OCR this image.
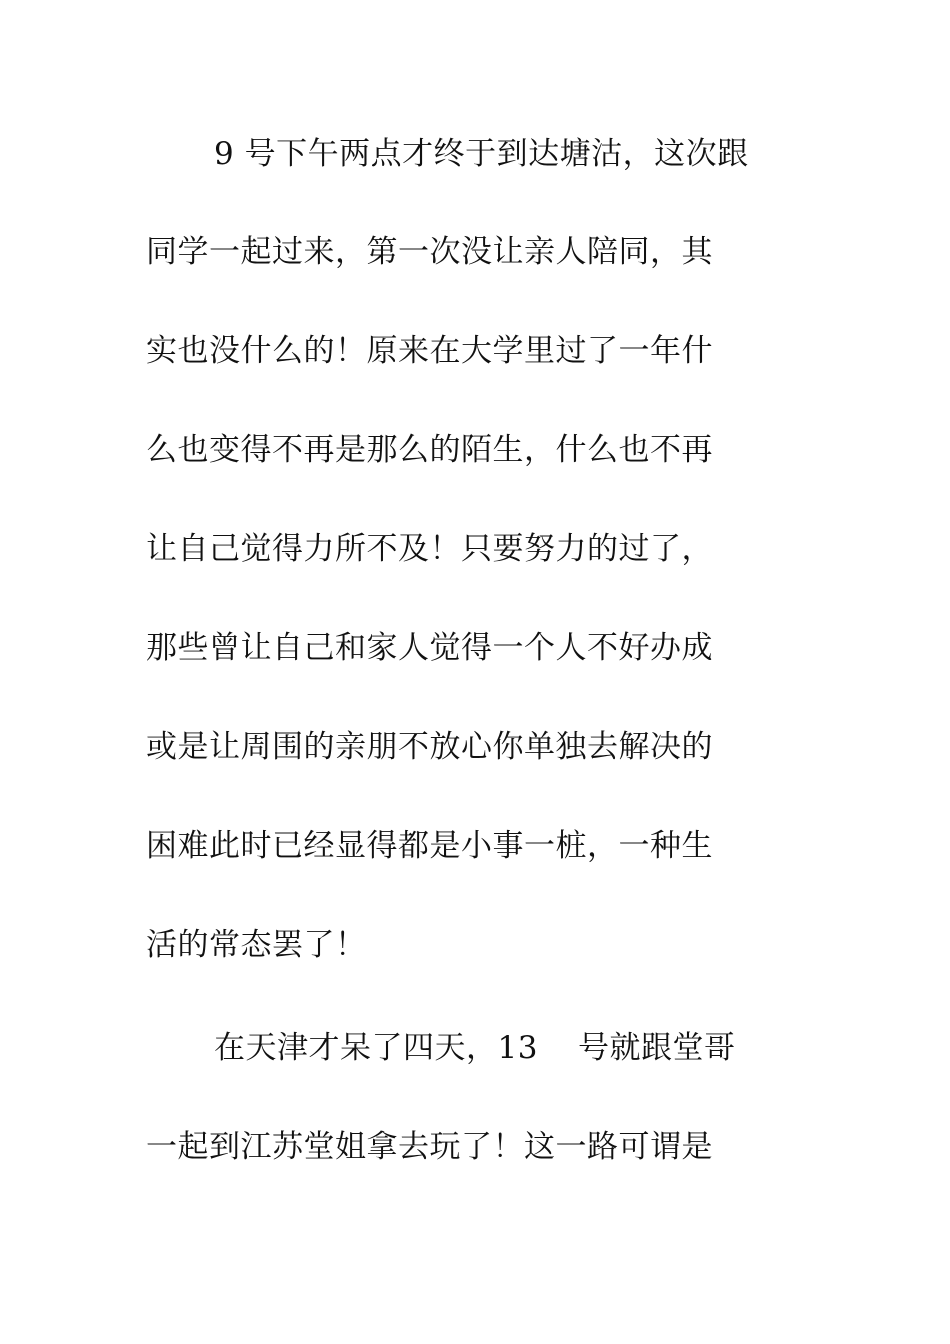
9 号下午两点才终于到达塘沽，这次跟
同学一起过来，第一次没让亲人陪同，其
实也没什么的！原来在大学里过了一年什
么也变得不再是那么的陌生，什么也不再
让自己觉得力所不及！只要努力的过了，
那些曾让自己和家人觉得一个人不好办成
或是让周围的亲朋不放心你单独去解决的
困难此时已经显得都是小事一桩，一种生
活的常态罢了！
在天津才呆了四天，13 号就跟堂哥
一起到江苏堂姐拿去玩了！这一路可谓是
